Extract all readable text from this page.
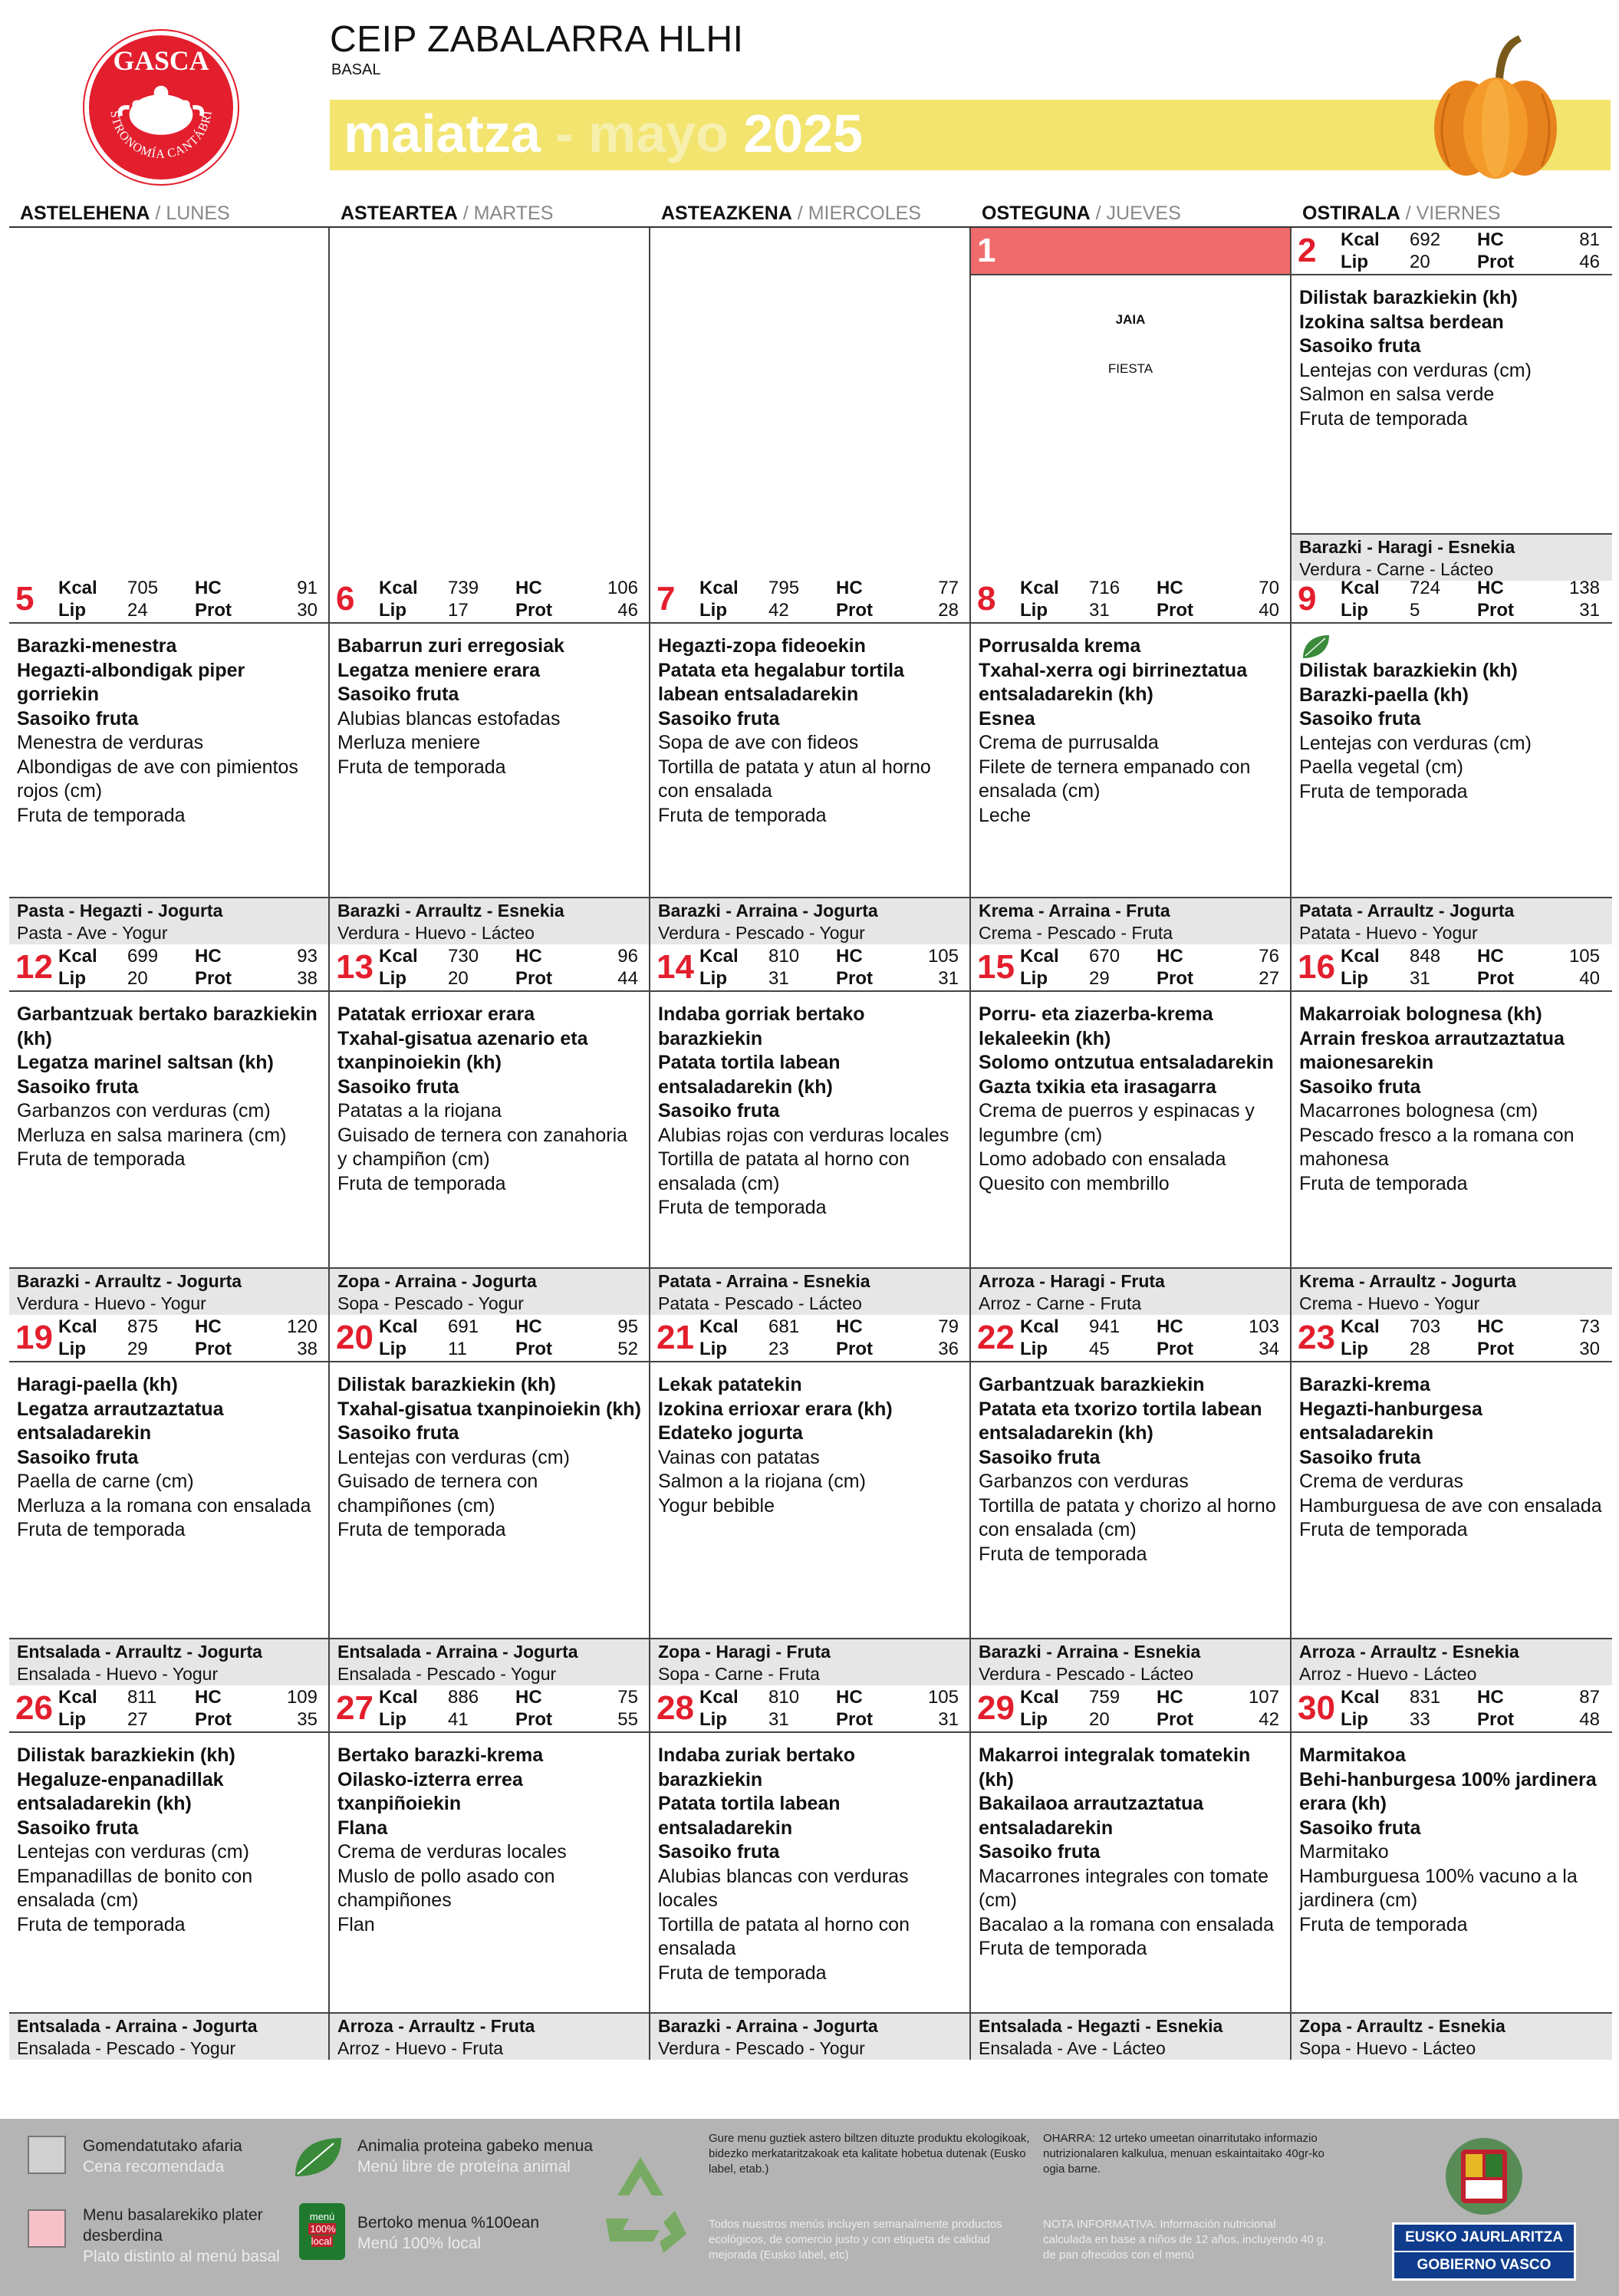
GASCA
STRONOMÍA CANTÁBRI
CEIP ZABALARRA HLHI
BASAL
maiatza - mayo 2025
ASTELEHENA / LUNES	ASTEARTEA / MARTES	ASTEAZKENA / MIERCOLES	OSTEGUNA / JUEVES	OSTIRALA / VIERNES
1
JAIA
FIESTA
2	Kcal	692	HC	81
Lip	20	Prot	46
Dilistak barazkiekin (kh)
Izokina saltsa berdean
Sasoiko fruta
Lentejas con verduras (cm)
Salmon en salsa verde
Fruta de temporada
Barazki - Haragi - Esnekia
Verdura - Carne - Lácteo
5	Kcal	705	HC	91
Lip	24	Prot	30
Barazki-menestra
Hegazti-albondigak piper gorriekin
Sasoiko fruta
Menestra de verduras
Albondigas de ave con pimientos rojos (cm)
Fruta de temporada
Pasta - Hegazti - Jogurta
Pasta - Ave - Yogur
6	Kcal	739	HC	106
Lip	17	Prot	46
Babarrun zuri erregosiak
Legatza meniere erara
Sasoiko fruta
Alubias blancas estofadas
Merluza meniere
Fruta de temporada
Barazki - Arraultz - Esnekia
Verdura - Huevo - Lácteo
7	Kcal	795	HC	77
Lip	42	Prot	28
Hegazti-zopa fideoekin
Patata eta hegalabur tortila labean entsaladarekin
Sasoiko fruta
Sopa de ave con fideos
Tortilla de patata y atun al horno con ensalada
Fruta de temporada
Barazki - Arraina - Jogurta
Verdura - Pescado - Yogur
8	Kcal	716	HC	70
Lip	31	Prot	40
Porrusalda krema
Txahal-xerra ogi birrineztatua entsaladarekin (kh)
Esnea
Crema de purrusalda
Filete de ternera empanado con ensalada (cm)
Leche
Krema - Arraina - Fruta
Crema - Pescado - Fruta
9	Kcal	724	HC	138
Lip	5	Prot	31
Dilistak barazkiekin (kh)
Barazki-paella (kh)
Sasoiko fruta
Lentejas con verduras (cm)
Paella vegetal (cm)
Fruta de temporada
Patata - Arraultz - Jogurta
Patata - Huevo - Yogur
12 Kcal	699	HC	93
Lip	20	Prot	38
Garbantzuak bertako barazkiekin (kh)
Legatza marinel saltsan (kh)
Sasoiko fruta
Garbanzos con verduras (cm)
Merluza en salsa marinera (cm)
Fruta de temporada
Barazki - Arraultz - Jogurta
Verdura - Huevo - Yogur
13 Kcal	730	HC	96
Lip	20	Prot	44
Patatak errioxar erara
Txahal-gisatua azenario eta txanpinoiekin (kh)
Sasoiko fruta
Patatas a la riojana
Guisado de ternera con zanahoria y champiñon (cm)
Fruta de temporada
Zopa - Arraina - Jogurta
Sopa - Pescado - Yogur
14 Kcal	810	HC	105
Lip	31	Prot	31
Indaba gorriak bertako barazkiekin
Patata tortila labean entsaladarekin (kh)
Sasoiko fruta
Alubias rojas con verduras locales
Tortilla de patata al horno con ensalada (cm)
Fruta de temporada
Patata - Arraina - Esnekia
Patata - Pescado - Lácteo
15 Kcal	670	HC	76
Lip	29	Prot	27
Porru- eta ziazerba-krema lekaleekin (kh)
Solomo ontzutua entsaladarekin
Gazta txikia eta irasagarra
Crema de puerros y espinacas y legumbre (cm)
Lomo adobado con ensalada
Quesito con membrillo
Arroza - Haragi - Fruta
Arroz - Carne - Fruta
16 Kcal	848	HC	105
Lip	31	Prot	40
Makarroiak bolognesa (kh)
Arrain freskoa arrautzaztatua maionesarekin
Sasoiko fruta
Macarrones bolognesa (cm)
Pescado fresco a la romana con mahonesa
Fruta de temporada
Krema - Arraultz - Jogurta
Crema - Huevo - Yogur
19 Kcal	875	HC	120
Lip	29	Prot	38
Haragi-paella (kh)
Legatza arrautzaztatua entsaladarekin
Sasoiko fruta
Paella de carne (cm)
Merluza a la romana con ensalada
Fruta de temporada
Entsalada - Arraultz - Jogurta
Ensalada - Huevo - Yogur
20 Kcal	691	HC	95
Lip	11	Prot	52
Dilistak barazkiekin (kh)
Txahal-gisatua txanpinoiekin (kh)
Sasoiko fruta
Lentejas con verduras (cm)
Guisado de ternera con champiñones (cm)
Fruta de temporada
Entsalada - Arraina - Jogurta
Ensalada - Pescado - Yogur
21 Kcal	681	HC	79
Lip	23	Prot	36
Lekak patatekin
Izokina errioxar erara (kh)
Edateko jogurta
Vainas con patatas
Salmon a la riojana (cm)
Yogur bebible
Zopa - Haragi - Fruta
Sopa - Carne - Fruta
22 Kcal	941	HC	103
Lip	45	Prot	34
Garbantzuak barazkiekin
Patata eta txorizo tortila labean entsaladarekin (kh)
Sasoiko fruta
Garbanzos con verduras
Tortilla de patata y chorizo al horno con ensalada (cm)
Fruta de temporada
Barazki - Arraina - Esnekia
Verdura - Pescado - Lácteo
23 Kcal	703	HC	73
Lip	28	Prot	30
Barazki-krema
Hegazti-hanburgesa entsaladarekin
Sasoiko fruta
Crema de verduras
Hamburguesa de ave con ensalada
Fruta de temporada
Arroza - Arraultz - Esnekia
Arroz - Huevo - Lácteo
26 Kcal	811	HC	109
Lip	27	Prot	35
Dilistak barazkiekin (kh)
Hegaluze-enpanadillak entsaladarekin (kh)
Sasoiko fruta
Lentejas con verduras (cm)
Empanadillas de bonito con ensalada (cm)
Fruta de temporada
Entsalada - Arraina - Jogurta
Ensalada - Pescado - Yogur
27 Kcal	886	HC	75
Lip	41	Prot	55
Bertako barazki-krema
Oilasko-izterra errea txanpiñoiekin
Flana
Crema de verduras locales
Muslo de pollo asado con champiñones
Flan
Arroza - Arraultz - Fruta
Arroz - Huevo - Fruta
28 Kcal	810	HC	105
Lip	31	Prot	31
Indaba zuriak bertako barazkiekin
Patata tortila labean entsaladarekin
Sasoiko fruta
Alubias blancas con verduras locales
Tortilla de patata al horno con ensalada
Fruta de temporada
Barazki - Arraina - Jogurta
Verdura - Pescado - Yogur
29 Kcal	759	HC	107
Lip	20	Prot	42
Makarroi integralak tomatekin (kh)
Bakailaoa arrautzaztatua entsaladarekin
Sasoiko fruta
Macarrones integrales con tomate (cm)
Bacalao a la romana con ensalada
Fruta de temporada
Entsalada - Hegazti - Esnekia
Ensalada - Ave - Lácteo
30 Kcal	831	HC	87
Lip	33	Prot	48
Marmitakoa
Behi-hanburgesa 100% jardinera erara (kh)
Sasoiko fruta
Marmitako
Hamburguesa 100% vacuno a la jardinera (cm)
Fruta de temporada
Zopa - Arraultz - Esnekia
Sopa - Huevo - Lácteo
Gomendatutako afaria
Cena recomendada
Menu basalarekiko plater
desberdina
Plato distinto al menú basal
Animalia proteina gabeko menua
Menú libre de proteína animal
menú
100% local
Bertoko menua %100ean
Menú 100% local
Gure menu guztiek astero biltzen dituzte produktu ekologikoak, bidezko merkataritzakoak eta kalitate hobetua dutenak (Eusko label, etab.)
Todos nuestros menús incluyen semanalmente productos ecológicos, de comercio justo y con etiqueta de calidad mejorada (Eusko label, etc)
OHARRA: 12 urteko umeetan oinarritutako informazio nutrizionalaren kalkulua, menuan eskaintaitako 40gr-ko ogia barne.
NOTA INFORMATIVA: Información nutricional calculada en base a niños de 12 años, incluyendo 40 g. de pan ofrecidos con el menú
EUSKO JAURLARITZA
GOBIERNO VASCO
